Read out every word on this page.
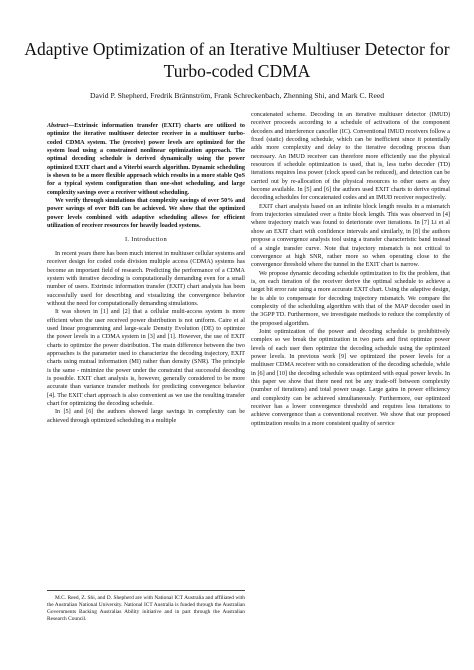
Adaptive Optimization of an Iterative Multiuser Detector for Turbo-coded CDMA
David P. Shepherd, Fredrik Brännström, Frank Schreckenbach, Zhenning Shi, and Mark C. Reed

Abstract—Extrinsic information transfer (EXIT) charts are utilized to optimize the iterative multiuser detector receiver in a multiuser turbo-coded CDMA system. The (receive) power levels are optimized for the system load using a constrained nonlinear optimization approach. The optimal decoding schedule is derived dynamically using the power optimized EXIT chart and a Viterbi search algorithm. Dynamic scheduling is shown to be a more flexible approach which results in a more stable QoS for a typical system configuration than one-shot scheduling, and large complexity savings over a receiver without scheduling.

We verify through simulations that complexity savings of over 50% and power savings of over 8dB can be achieved. We show that the optimized power levels combined with adaptive scheduling allows for efficient utilization of receiver resources for heavily loaded systems.

I. Introduction

In recent years there has been much interest in multiuser cellular systems and receiver design for coded code division multiple access (CDMA) systems has become an important field of research. Predicting the performance of a CDMA system with iterative decoding is computationally demanding even for a small number of users. Extrinsic information transfer (EXIT) chart analysis has been successfully used for describing and visualizing the convergence behavior without the need for computationally demanding simulations.

It was shown in [1] and [2] that a cellular multi-access system is more efficient when the user received power distribution is not uniform. Caire et al used linear programming and large-scale Density Evolution (DE) to optimize the power levels in a CDMA system in [3] and [1]. However, the use of EXIT charts to optimize the power distribution. The main difference between the two approaches is the parameter used to characterize the decoding trajectory, EXIT charts using mutual information (MI) rather than density (SNR). The principle is the same - minimize the power under the constraint that successful decoding is possible. EXIT chart analysis is, however, generally considered to be more accurate than variance transfer methods for predicting convergence behavior [4]. The EXIT chart approach is also convenient as we use the resulting transfer chart for optimizing the decoding schedule.

In [5] and [6] the authors showed large savings in complexity can be achieved through optimized scheduling in a multiple

M.C. Reed, Z. Shi, and D. Shepherd are with National ICT Australia and affiliated with the Australian National University. National ICT Australia is funded through the Australian Governments Backing Australias Ability initiative and in part through the Australian Research Council.

concatenated scheme. Decoding in an iterative multiuser detector (IMUD) receiver proceeds according to a schedule of activations of the component decoders and interference canceller (IC). Conventional IMUD receivers follow a fixed (static) decoding schedule, which can be inefficient since it potentially adds more complexity and delay to the iterative decoding process than necessary. An IMUD receiver can therefore more efficiently use the physical resources if schedule optimization is used, that is, less turbo decoder (TD) iterations requires less power (clock speed can be reduced), and detection can be carried out by re-allocation of the physical resources to other users as they become available. In [5] and [6] the authors used EXIT charts to derive optimal decoding schedules for concatenated codes and an IMUD receiver respectively.

EXIT chart analysis based on an infinite block length results in a mismatch from trajectories simulated over a finite block length. This was observed in [4] where trajectory match was found to deteriorate over iterations. In [7] Li et al show an EXIT chart with confidence intervals and similarly, in [8] the authors propose a convergence analysis tool using a transfer characteristic band instead of a single transfer curve. Note that trajectory mismatch is not critical to convergence at high SNR, rather more so when operating close to the convergence threshold where the tunnel in the EXIT chart is narrow.

We propose dynamic decoding schedule optimization to fix the problem, that is, on each iteration of the receiver derive the optimal schedule to achieve a target bit error rate using a more accurate EXIT chart. Using the adaptive design, he is able to compensate for decoding trajectory mismatch. We compare the complexity of the scheduling algorithm with that of the MAP decoder used in the 3GPP TD. Furthermore, we investigate methods to reduce the complexity of the proposed algorithm.

Joint optimization of the power and decoding schedule is prohibitively complex so we break the optimization in two parts and first optimize power levels of each user then optimize the decoding schedule using the optimized power levels. In previous work [9] we optimized the power levels for a multiuser CDMA receiver with no consideration of the decoding schedule, while in [6] and [10] the decoding schedule was optimized with equal power levels. In this paper we show that there need not be any trade-off between complexity (number of iterations) and total power usage. Large gains in power efficiency and complexity can be achieved simultaneously. Furthermore, our optimized receiver has a lower convergence threshold and requires less iterations to achieve convergence than a conventional receiver. We show that our proposed optimization results in a more consistent quality of service
